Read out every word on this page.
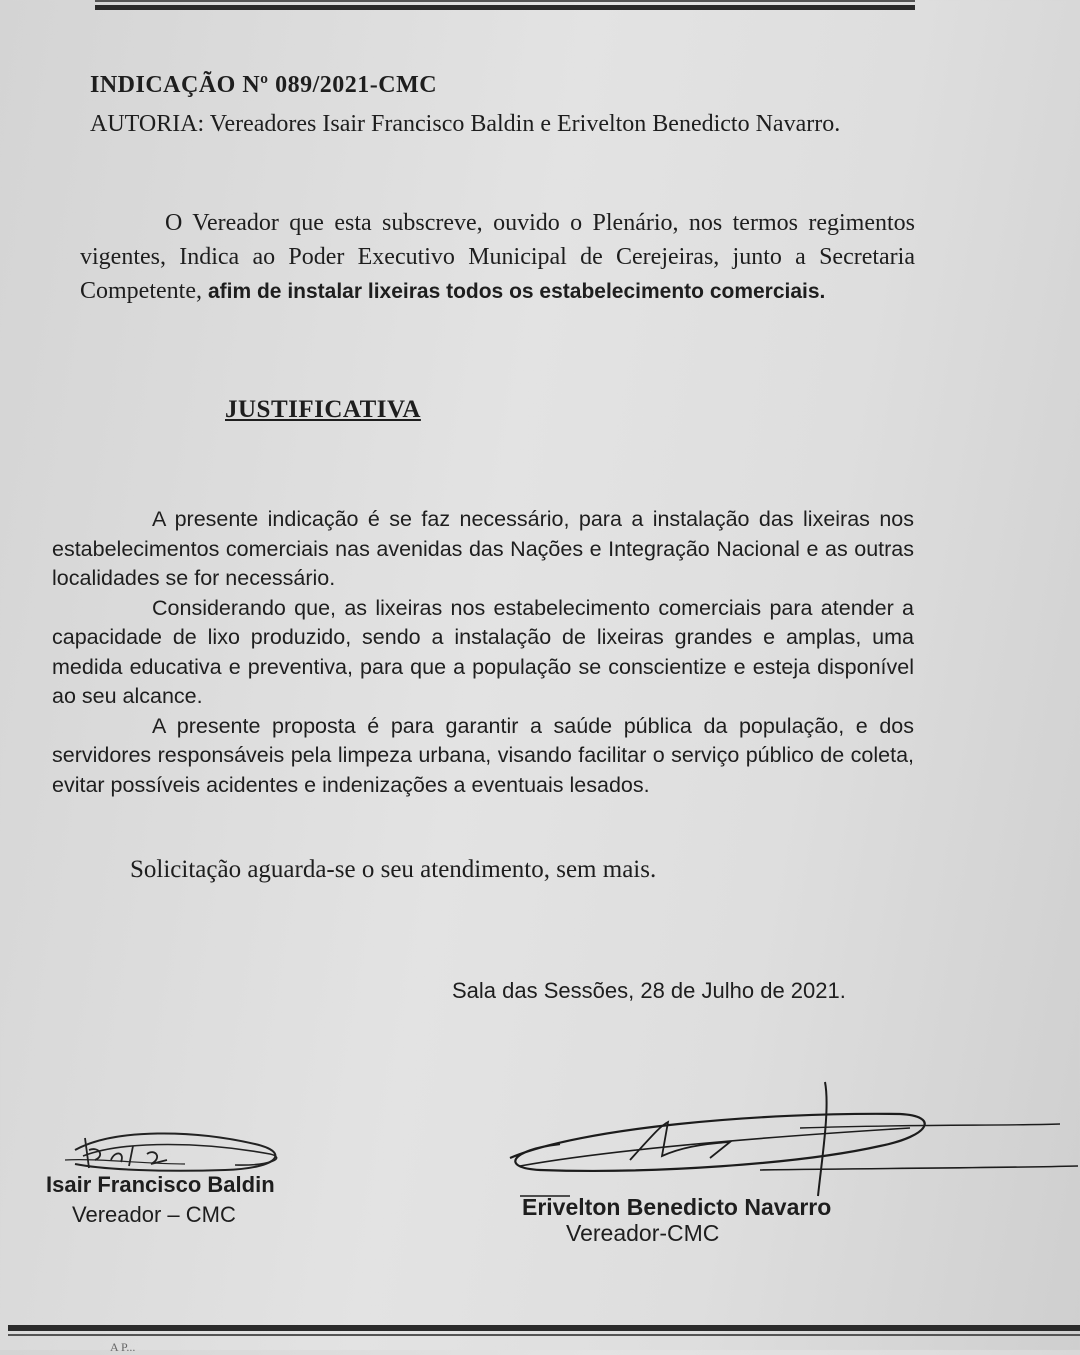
INDICAÇÃO Nº 089/2021-CMC
AUTORIA: Vereadores Isair Francisco Baldin e Erivelton Benedicto Navarro.
O Vereador que esta subscreve, ouvido o Plenário, nos termos regimentos vigentes, Indica ao Poder Executivo Municipal de Cerejeiras, junto a Secretaria Competente, afim de instalar lixeiras todos os estabelecimento comerciais.
JUSTIFICATIVA

A presente indicação é se faz necessário, para a instalação das lixeiras nos estabelecimentos comerciais nas avenidas das Nações e Integração Nacional e as outras localidades se for necessário.

Considerando que, as lixeiras nos estabelecimento comerciais para atender a capacidade de lixo produzido, sendo a instalação de lixeiras grandes e amplas, uma medida educativa e preventiva, para que a população se conscientize e esteja disponível ao seu alcance.

A presente proposta é para garantir a saúde pública da população, e dos servidores responsáveis pela limpeza urbana, visando facilitar o serviço público de coleta, evitar possíveis acidentes e indenizações a eventuais lesados.

Solicitação aguarda-se o seu atendimento, sem mais.
Sala das Sessões, 28 de Julho de 2021.
Isair Francisco Baldin
Vereador – CMC	Erivelton Benedicto Navarro
Vereador-CMC
A P...
